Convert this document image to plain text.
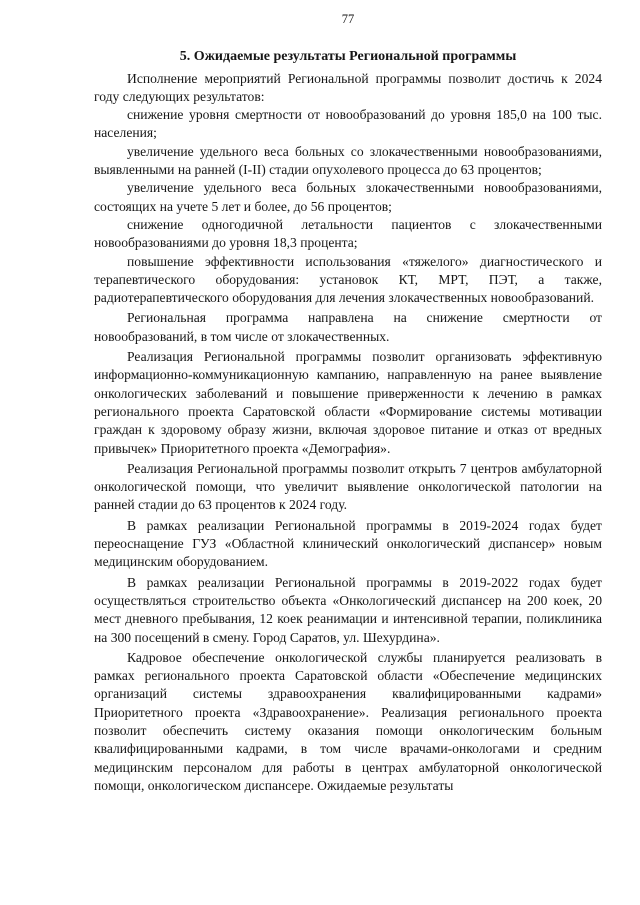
77
5. Ожидаемые результаты Региональной программы

Исполнение мероприятий Региональной программы позволит достичь к 2024 году следующих результатов:

снижение уровня смертности от новообразований до уровня 185,0 на 100 тыс. населения;

увеличение удельного веса больных со злокачественными новообразованиями, выявленными на ранней (I-II) стадии опухолевого процесса до 63 процентов;

увеличение удельного веса больных злокачественными новообразованиями, состоящих на учете 5 лет и более, до 56 процентов;

снижение одногодичной летальности пациентов с злокачественными новообразованиями до уровня 18,3 процента;

повышение эффективности использования «тяжелого» диагностического и терапевтического оборудования: установок КТ, МРТ, ПЭТ, а также, радиотерапевтического оборудования для лечения злокачественных новообразований.

Региональная программа направлена на снижение смертности от новообразований, в том числе от злокачественных.

Реализация Региональной программы позволит организовать эффективную информационно-коммуникационную кампанию, направленную на ранее выявление онкологических заболеваний и повышение приверженности к лечению в рамках регионального проекта Саратовской области «Формирование системы мотивации граждан к здоровому образу жизни, включая здоровое питание и отказ от вредных привычек» Приоритетного проекта «Демография».

Реализация Региональной программы позволит открыть 7 центров амбулаторной онкологической помощи, что увеличит выявление онкологической патологии на ранней стадии до 63 процентов к 2024 году.

В рамках реализации Региональной программы в 2019-2024 годах будет переоснащение ГУЗ «Областной клинический онкологический диспансер» новым медицинским оборудованием.

В рамках реализации Региональной программы в 2019-2022 годах будет осуществляться строительство объекта «Онкологический диспансер на 200 коек, 20 мест дневного пребывания, 12 коек реанимации и интенсивной терапии, поликлиника на 300 посещений в смену. Город Саратов, ул. Шехурдина».

Кадровое обеспечение онкологической службы планируется реализовать в рамках регионального проекта Саратовской области «Обеспечение медицинских организаций системы здравоохранения квалифицированными кадрами» Приоритетного проекта «Здравоохранение». Реализация регионального проекта позволит обеспечить систему оказания помощи онкологическим больным квалифицированными кадрами, в том числе врачами-онкологами и средним медицинским персоналом для работы в центрах амбулаторной онкологической помощи, онкологическом диспансере. Ожидаемые результаты
